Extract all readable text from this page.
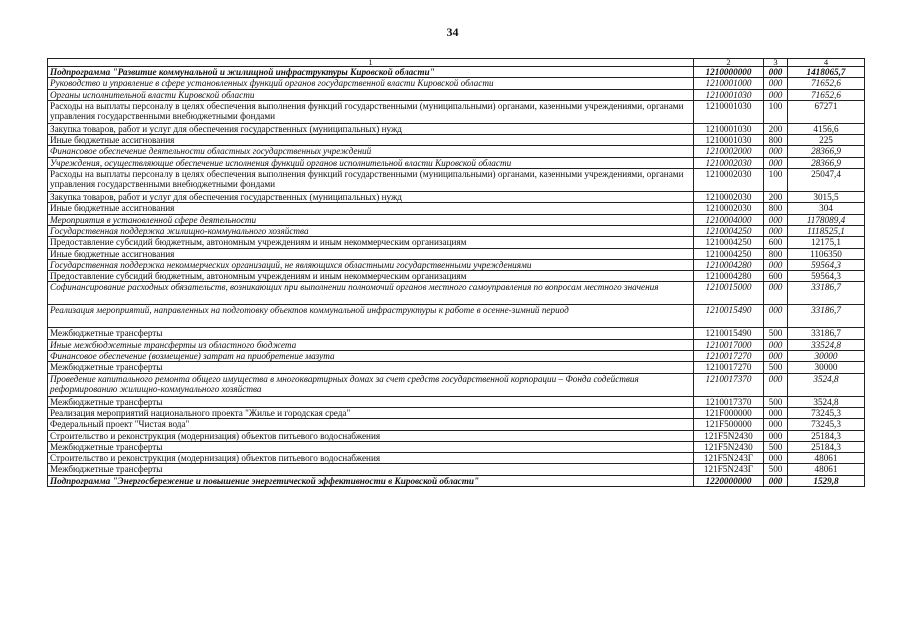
34
1	2	3	4
Подпрограмма "Развитие коммунальной и жилищной инфраструктуры Кировской области"	1210000000	000	1418065,7
Руководство и управление в сфере установленных функций органов государственной власти Кировской области	1210001000	000	71652,6
Органы исполнительной власти Кировской области	1210001030	000	71652,6
Расходы на выплаты персоналу в целях обеспечения выполнения функций государственными (муниципальными) органами, казенными учреждениями, органами управления государственными внебюджетными фондами	1210001030	100	67271
Закупка товаров, работ и услуг для обеспечения государственных (муниципальных) нужд	1210001030	200	4156,6
Иные бюджетные ассигнования	1210001030	800	225
Финансовое обеспечение деятельности областных государственных учреждений	1210002000	000	28366,9
Учреждения, осуществляющие обеспечение исполнения функций органов исполнительной власти Кировской области	1210002030	000	28366,9
Расходы на выплаты персоналу в целях обеспечения выполнения функций государственными (муниципальными) органами, казенными учреждениями, органами управления государственными внебюджетными фондами	1210002030	100	25047,4
Закупка товаров, работ и услуг для обеспечения государственных (муниципальных) нужд	1210002030	200	3015,5
Иные бюджетные ассигнования	1210002030	800	304
Мероприятия в установленной сфере деятельности	1210004000	000	1178089,4
Государственная поддержка жилищно-коммунального хозяйства	1210004250	000	1118525,1
Предоставление субсидий бюджетным, автономным учреждениям и иным некоммерческим организациям	1210004250	600	12175,1
Иные бюджетные ассигнования	1210004250	800	1106350
Государственная поддержка некоммерческих организаций, не являющихся областными государственными учреждениями	1210004280	000	59564,3
Предоставление субсидий бюджетным, автономным учреждениям и иным некоммерческим организациям	1210004280	600	59564,3
Софинансирование расходных обязательств, возникающих при выполнении полномочий органов местного самоуправления по вопросам местного значения	1210015000	000	33186,7
Реализация мероприятий, направленных на подготовку объектов коммунальной инфраструктуры к работе в осенне-зимний период	1210015490	000	33186,7
Межбюджетные трансферты	1210015490	500	33186,7
Иные межбюджетные трансферты из областного бюджета	1210017000	000	33524,8
Финансовое обеспечение (возмещение) затрат на приобретение мазута	1210017270	000	30000
Межбюджетные трансферты	1210017270	500	30000
Проведение капитального ремонта общего имущества в многоквартирных домах за счет средств государственной корпорации – Фонда содействия реформированию жилищно-коммунального хозяйства	1210017370	000	3524,8
Межбюджетные трансферты	1210017370	500	3524,8
Реализация мероприятий национального проекта "Жилье и городская среда"	121F000000	000	73245,3
Федеральный проект "Чистая вода"	121F500000	000	73245,3
Строительство и реконструкция (модернизация) объектов питьевого водоснабжения	121F5N2430	000	25184,3
Межбюджетные трансферты	121F5N2430	500	25184,3
Строительство и реконструкция (модернизация) объектов питьевого водоснабжения	121F5N243Г	000	48061
Межбюджетные трансферты	121F5N243Г	500	48061
Подпрограмма "Энергосбережение и повышение энергетической эффективности в Кировской области"	1220000000	000	1529,8
